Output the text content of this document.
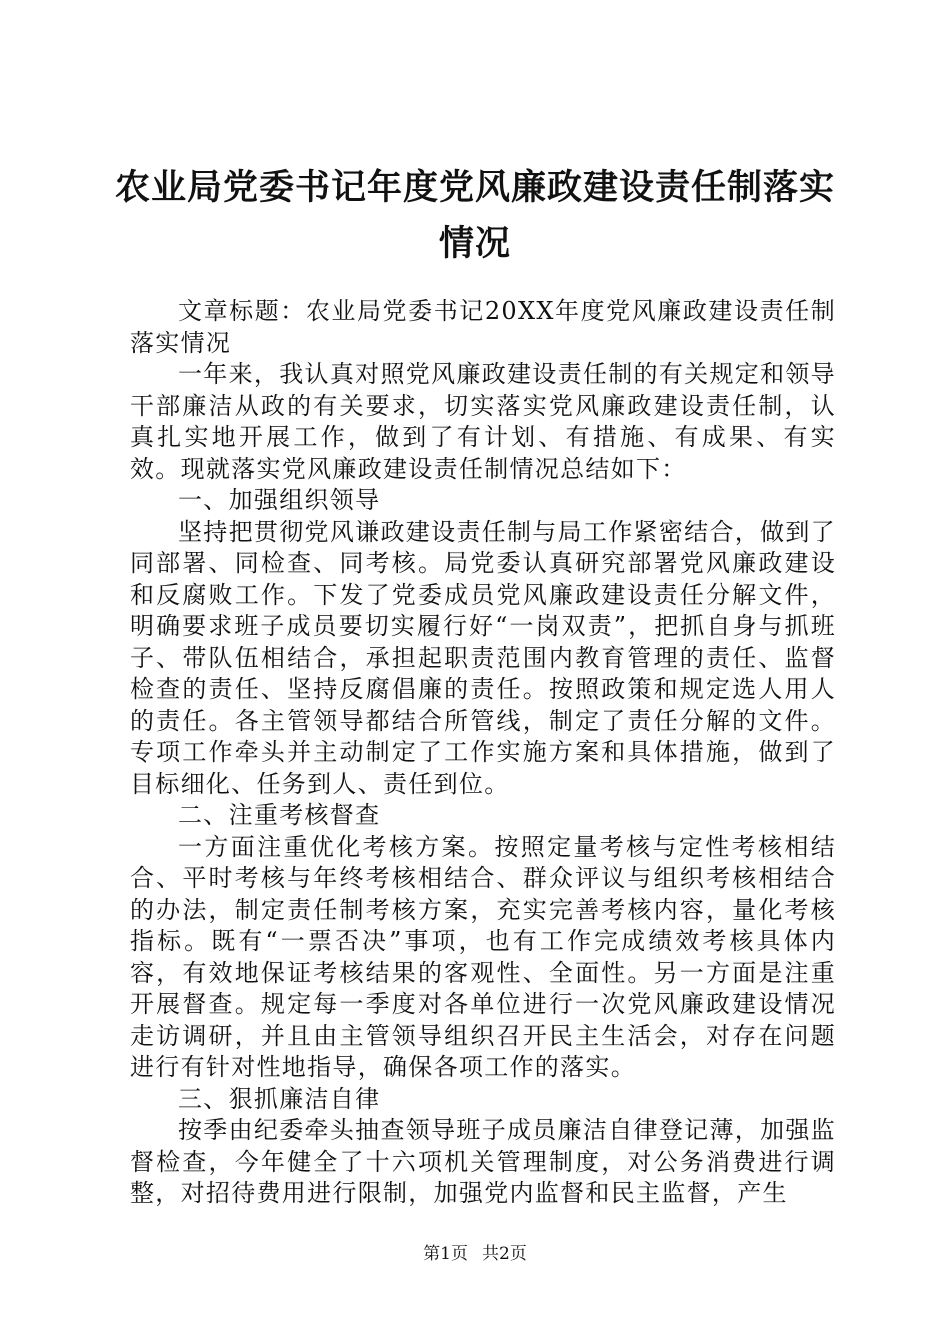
农业局党委书记年度党风廉政建设责任制落实情况

文章标题：农业局党委书记20XX年度党风廉政建设责任制落实情况

一年来，我认真对照党风廉政建设责任制的有关规定和领导干部廉洁从政的有关要求，切实落实党风廉政建设责任制，认真扎实地开展工作，做到了有计划、有措施、有成果、有实效。现就落实党风廉政建设责任制情况总结如下：

一、加强组织领导

坚持把贯彻党风谦政建设责任制与局工作紧密结合，做到了同部署、同检查、同考核。局党委认真研究部署党风廉政建设和反腐败工作。下发了党委成员党风廉政建设责任分解文件，明确要求班子成员要切实履行好“一岗双责”，把抓自身与抓班子、带队伍相结合，承担起职责范围内教育管理的责任、监督检查的责任、坚持反腐倡廉的责任。按照政策和规定选人用人的责任。各主管领导都结合所管线，制定了责任分解的文件。专项工作牵头并主动制定了工作实施方案和具体措施，做到了目标细化、任务到人、责任到位。

二、注重考核督查

一方面注重优化考核方案。按照定量考核与定性考核相结合、平时考核与年终考核相结合、群众评议与组织考核相结合的办法，制定责任制考核方案，充实完善考核内容，量化考核指标。既有“一票否决”事项，也有工作完成绩效考核具体内容，有效地保证考核结果的客观性、全面性。另一方面是注重开展督查。规定每一季度对各单位进行一次党风廉政建设情况走访调研，并且由主管领导组织召开民主生活会，对存在问题进行有针对性地指导，确保各项工作的落实。

三、狠抓廉洁自律

按季由纪委牵头抽查领导班子成员廉洁自律登记薄，加强监督检查，今年健全了十六项机关管理制度，对公务消费进行调整，对招待费用进行限制，加强党内监督和民主监督，产生

第1页 共2页
